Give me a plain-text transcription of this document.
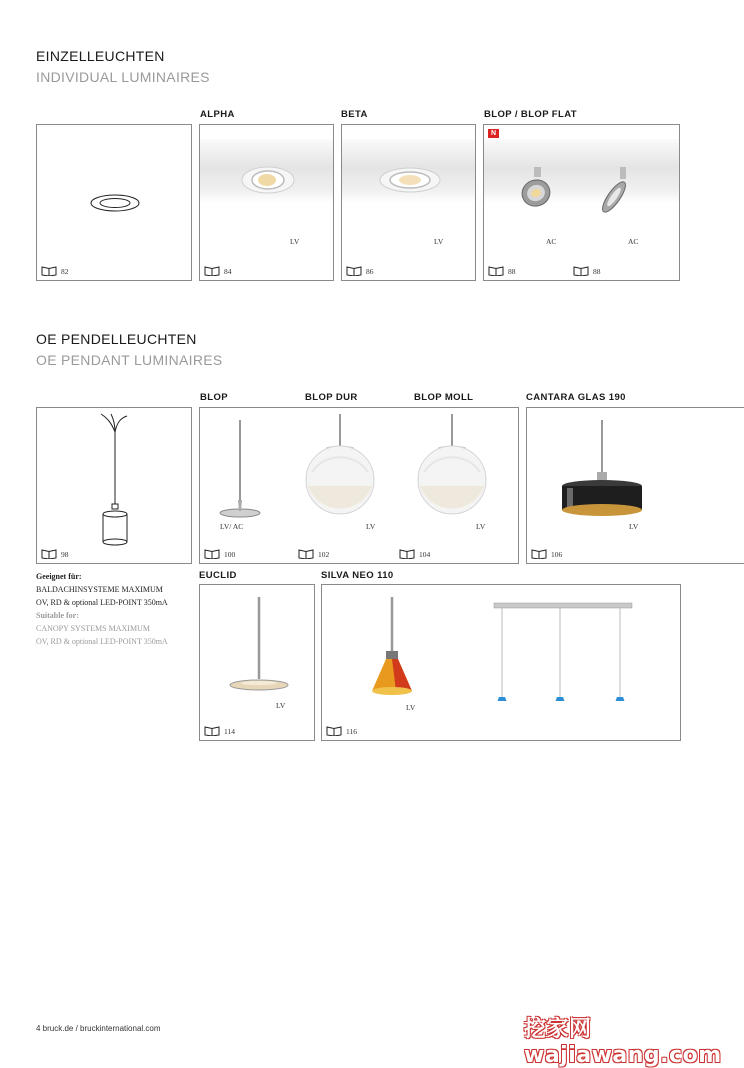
EINZELLEUCHTEN
INDIVIDUAL LUMINAIRES
ALPHA	BETA	BLOP / BLOP FLAT
82
LV
84
LV
86
N
AC	AC
88	88
OE PENDELLEUCHTEN
OE PENDANT LUMINAIRES
BLOP	BLOP DUR	BLOP MOLL	CANTARA GLAS 190
98
LV/ AC	LV	LV
100	102	104
LV
106
Geeignet für:
BALDACHINSYSTEME MAXIMUM
OV, RD & optional LED-POINT 350mA
Suitable for:
CANOPY SYSTEMS MAXIMUM
OV, RD & optional LED-POINT 350mA
EUCLID	SILVA NEO 110
LV
114
LV
116
4 bruck.de / bruckinternational.com	挖家网 wajiawang.com
